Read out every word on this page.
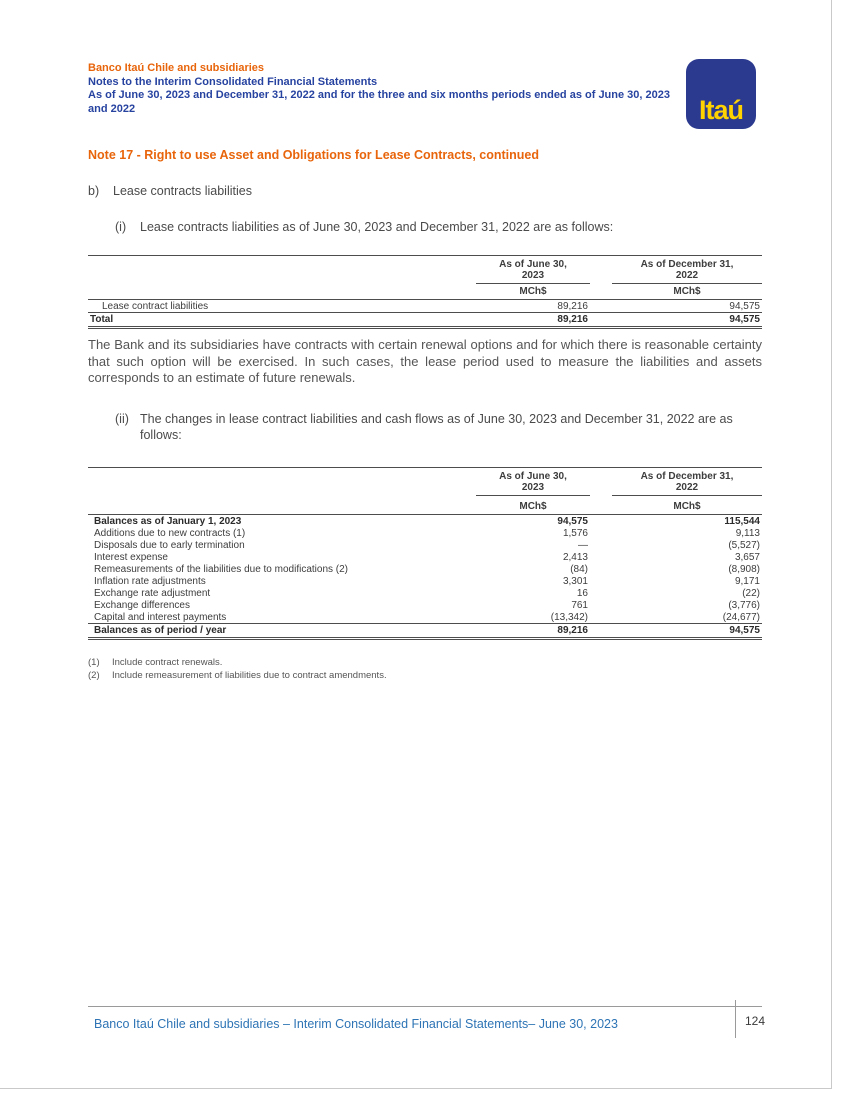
Banco Itaú Chile and subsidiaries
Notes to the Interim Consolidated Financial Statements
As of June 30, 2023 and December 31, 2022 and for the three and six months periods ended as of June 30, 2023 and 2022	Itaú
Note 17 - Right to use Asset and Obligations for Lease Contracts, continued
b)	Lease contracts liabilities
(i)	Lease contracts liabilities as of June 30, 2023 and December 31, 2022 are as follows:

	As of June 30,
2023	As of December 31,
2022

	MCh$	MCh$

Lease contract liabilities	89,216	94,575
Total	89,216	94,575
The Bank and its subsidiaries have contracts with certain renewal options and for which there is reasonable certainty that such option will be exercised. In such cases, the lease period used to measure the liabilities and assets corresponds to an estimate of future renewals.
(ii) The changes in lease contract liabilities and cash flows as of June 30, 2023 and December 31, 2022 are as follows:

	As of June 30,
2023	As of December 31,
2022

	MCh$	MCh$

Balances as of January 1, 2023	94,575	115,544
Additions due to new contracts (1)	1,576	9,113
Disposals due to early termination	—	(5,527)
Interest expense	2,413	3,657
Remeasurements of the liabilities due to modifications (2)	(84)	(8,908)
Inflation rate adjustments	3,301	9,171
Exchange rate adjustment	16	(22)
Exchange differences	761	(3,776)
Capital and interest payments	(13,342)	(24,677)
Balances as of period / year	89,216	94,575
(1)	Include contract renewals.
(2)	Include remeasurement of liabilities due to contract amendments.
Banco Itaú Chile and subsidiaries – Interim Consolidated Financial Statements– June 30, 2023	124
